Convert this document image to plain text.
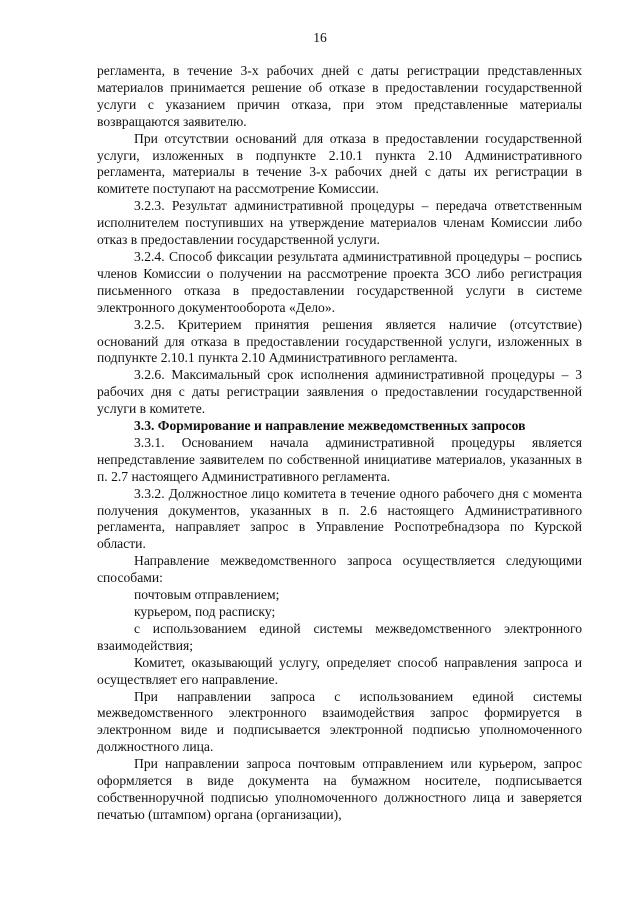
16

регламента, в течение 3-х рабочих дней с даты регистрации представленных материалов принимается решение об отказе в предоставлении государственной услуги с указанием причин отказа, при этом представленные материалы возвращаются заявителю.

При отсутствии оснований для отказа в предоставлении государственной услуги, изложенных в подпункте 2.10.1 пункта 2.10 Административного регламента, материалы в течение 3-х рабочих дней с даты их регистрации в комитете поступают на рассмотрение Комиссии.

3.2.3. Результат административной процедуры – передача ответственным исполнителем поступивших на утверждение материалов членам Комиссии либо отказ в предоставлении государственной услуги.

3.2.4. Способ фиксации результата административной процедуры – роспись членов Комиссии о получении на рассмотрение проекта ЗСО либо регистрация письменного отказа в предоставлении государственной услуги в системе электронного документооборота «Дело».

3.2.5. Критерием принятия решения является наличие (отсутствие) оснований для отказа в предоставлении государственной услуги, изложенных в подпункте 2.10.1 пункта 2.10 Административного регламента.

3.2.6. Максимальный срок исполнения административной процедуры – 3 рабочих дня с даты регистрации заявления о предоставлении государственной услуги в комитете.

3.3. Формирование и направление межведомственных запросов

3.3.1. Основанием начала административной процедуры является непредставление заявителем по собственной инициативе материалов, указанных в п. 2.7 настоящего Административного регламента.

3.3.2. Должностное лицо комитета в течение одного рабочего дня с момента получения документов, указанных в п. 2.6 настоящего Административного регламента, направляет запрос в Управление Роспотребнадзора по Курской области.

Направление межведомственного запроса осуществляется следующими способами:

почтовым отправлением;

курьером, под расписку;

с использованием единой системы межведомственного электронного взаимодействия;

Комитет, оказывающий услугу, определяет способ направления запроса и осуществляет его направление.

При направлении запроса с использованием единой системы межведомственного электронного взаимодействия запрос формируется в электронном виде и подписывается электронной подписью уполномоченного должностного лица.

При направлении запроса почтовым отправлением или курьером, запрос оформляется в виде документа на бумажном носителе, подписывается собственноручной подписью уполномоченного должностного лица и заверяется печатью (штампом) органа (организации),
